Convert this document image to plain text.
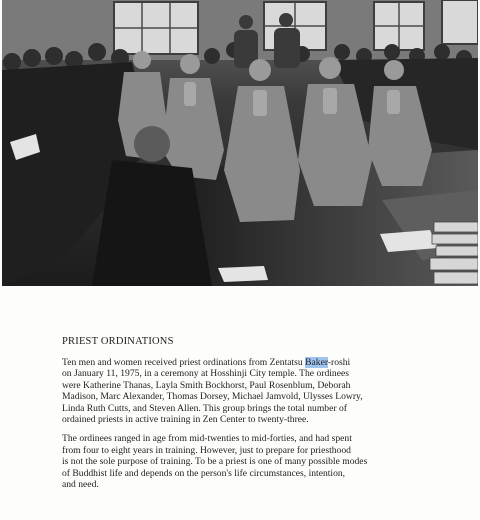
PRIEST ORDINATIONS
Ten men and women received priest ordinations from Zentatsu Baker-roshi
on January 11, 1975, in a ceremony at Hosshinji City temple. The ordinees
were Katherine Thanas, Layla Smith Bockhorst, Paul Rosenblum, Deborah
Madison, Marc Alexander, Thomas Dorsey, Michael Jamvold, Ulysses Lowry,
Linda Ruth Cutts, and Steven Allen. This group brings the total number of
ordained priests in active training in Zen Center to twenty-three.
The ordinees ranged in age from mid-twenties to mid-forties, and had spent
from four to eight years in training. However, just to prepare for priesthood
is not the sole purpose of training. To be a priest is one of many possible modes
of Buddhist life and depends on the person's life circumstances, intention,
and need.
